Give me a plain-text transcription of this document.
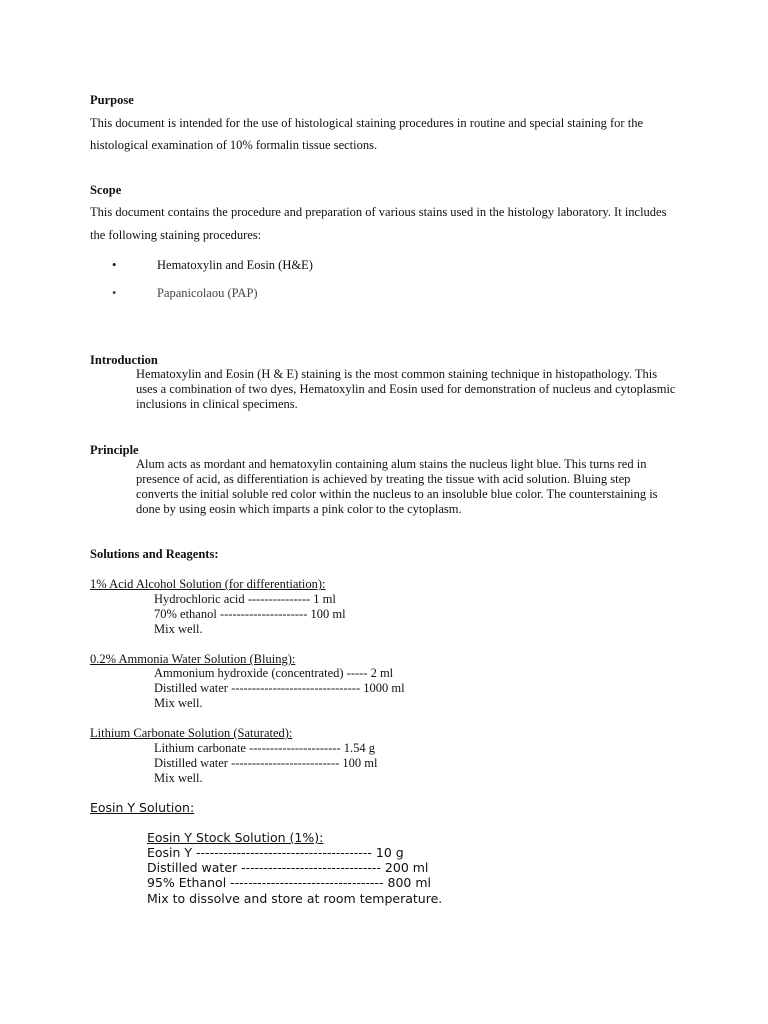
Purpose
This document is intended for the use of histological staining procedures in routine and special staining for the
histological examination of 10% formalin tissue sections.
Scope
This document contains the procedure and preparation of various stains used in the histology laboratory. It includes
the following staining procedures:
•	Hematoxylin and Eosin (H&E)
•	Papanicolaou (PAP)
Introduction
Hematoxylin and Eosin (H & E) staining is the most common staining technique in histopathology. This
uses a combination of two dyes, Hematoxylin and Eosin used for demonstration of nucleus and cytoplasmic
inclusions in clinical specimens.
Principle
Alum acts as mordant and hematoxylin containing alum stains the nucleus light blue. This turns red in
presence of acid, as differentiation is achieved by treating the tissue with acid solution. Bluing step
converts the initial soluble red color within the nucleus to an insoluble blue color. The counterstaining is
done by using eosin which imparts a pink color to the cytoplasm.
Solutions and Reagents:
1% Acid Alcohol Solution (for differentiation):
Hydrochloric acid --------------- 1 ml
70% ethanol --------------------- 100 ml
Mix well.
0.2% Ammonia Water Solution (Bluing):
Ammonium hydroxide (concentrated) ----- 2 ml
Distilled water ------------------------------- 1000 ml
Mix well.
Lithium Carbonate Solution (Saturated):
Lithium carbonate ---------------------- 1.54 g
Distilled water -------------------------- 100 ml
Mix well.
Eosin Y Solution:
Eosin Y Stock Solution (1%):
Eosin Y --------------------------------------- 10 g
Distilled water ------------------------------- 200 ml
95% Ethanol ---------------------------------- 800 ml
Mix to dissolve and store at room temperature.
